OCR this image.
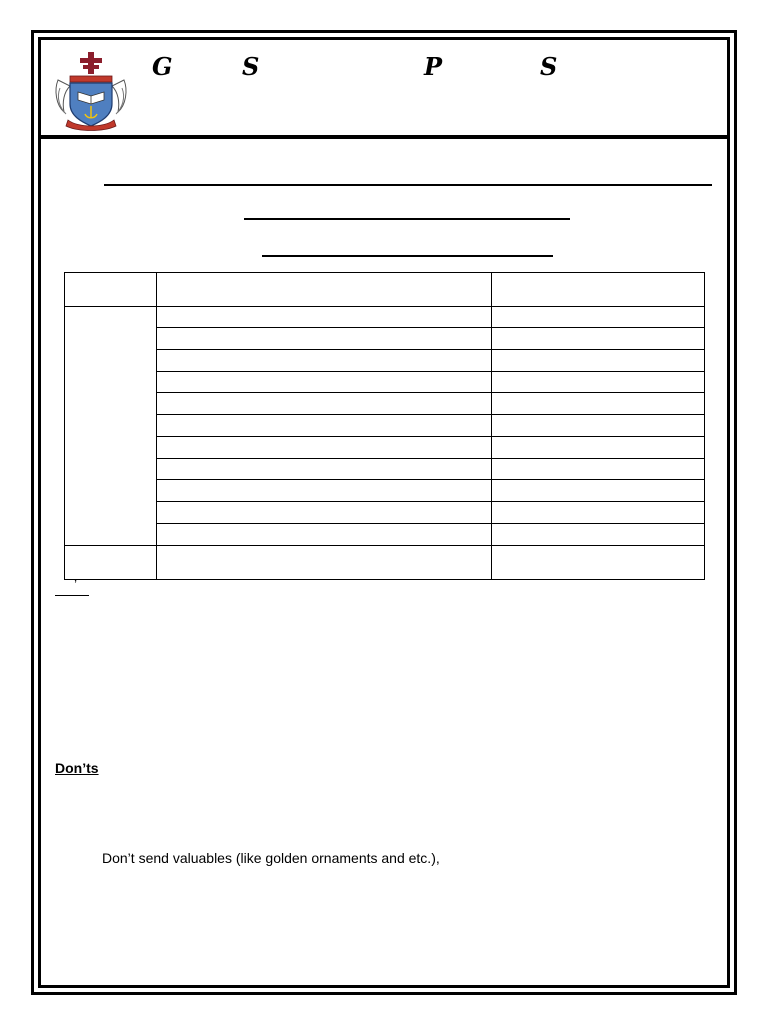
G	S	P	S
’
Don’ts
Don’t send valuables (like golden ornaments and etc.),
